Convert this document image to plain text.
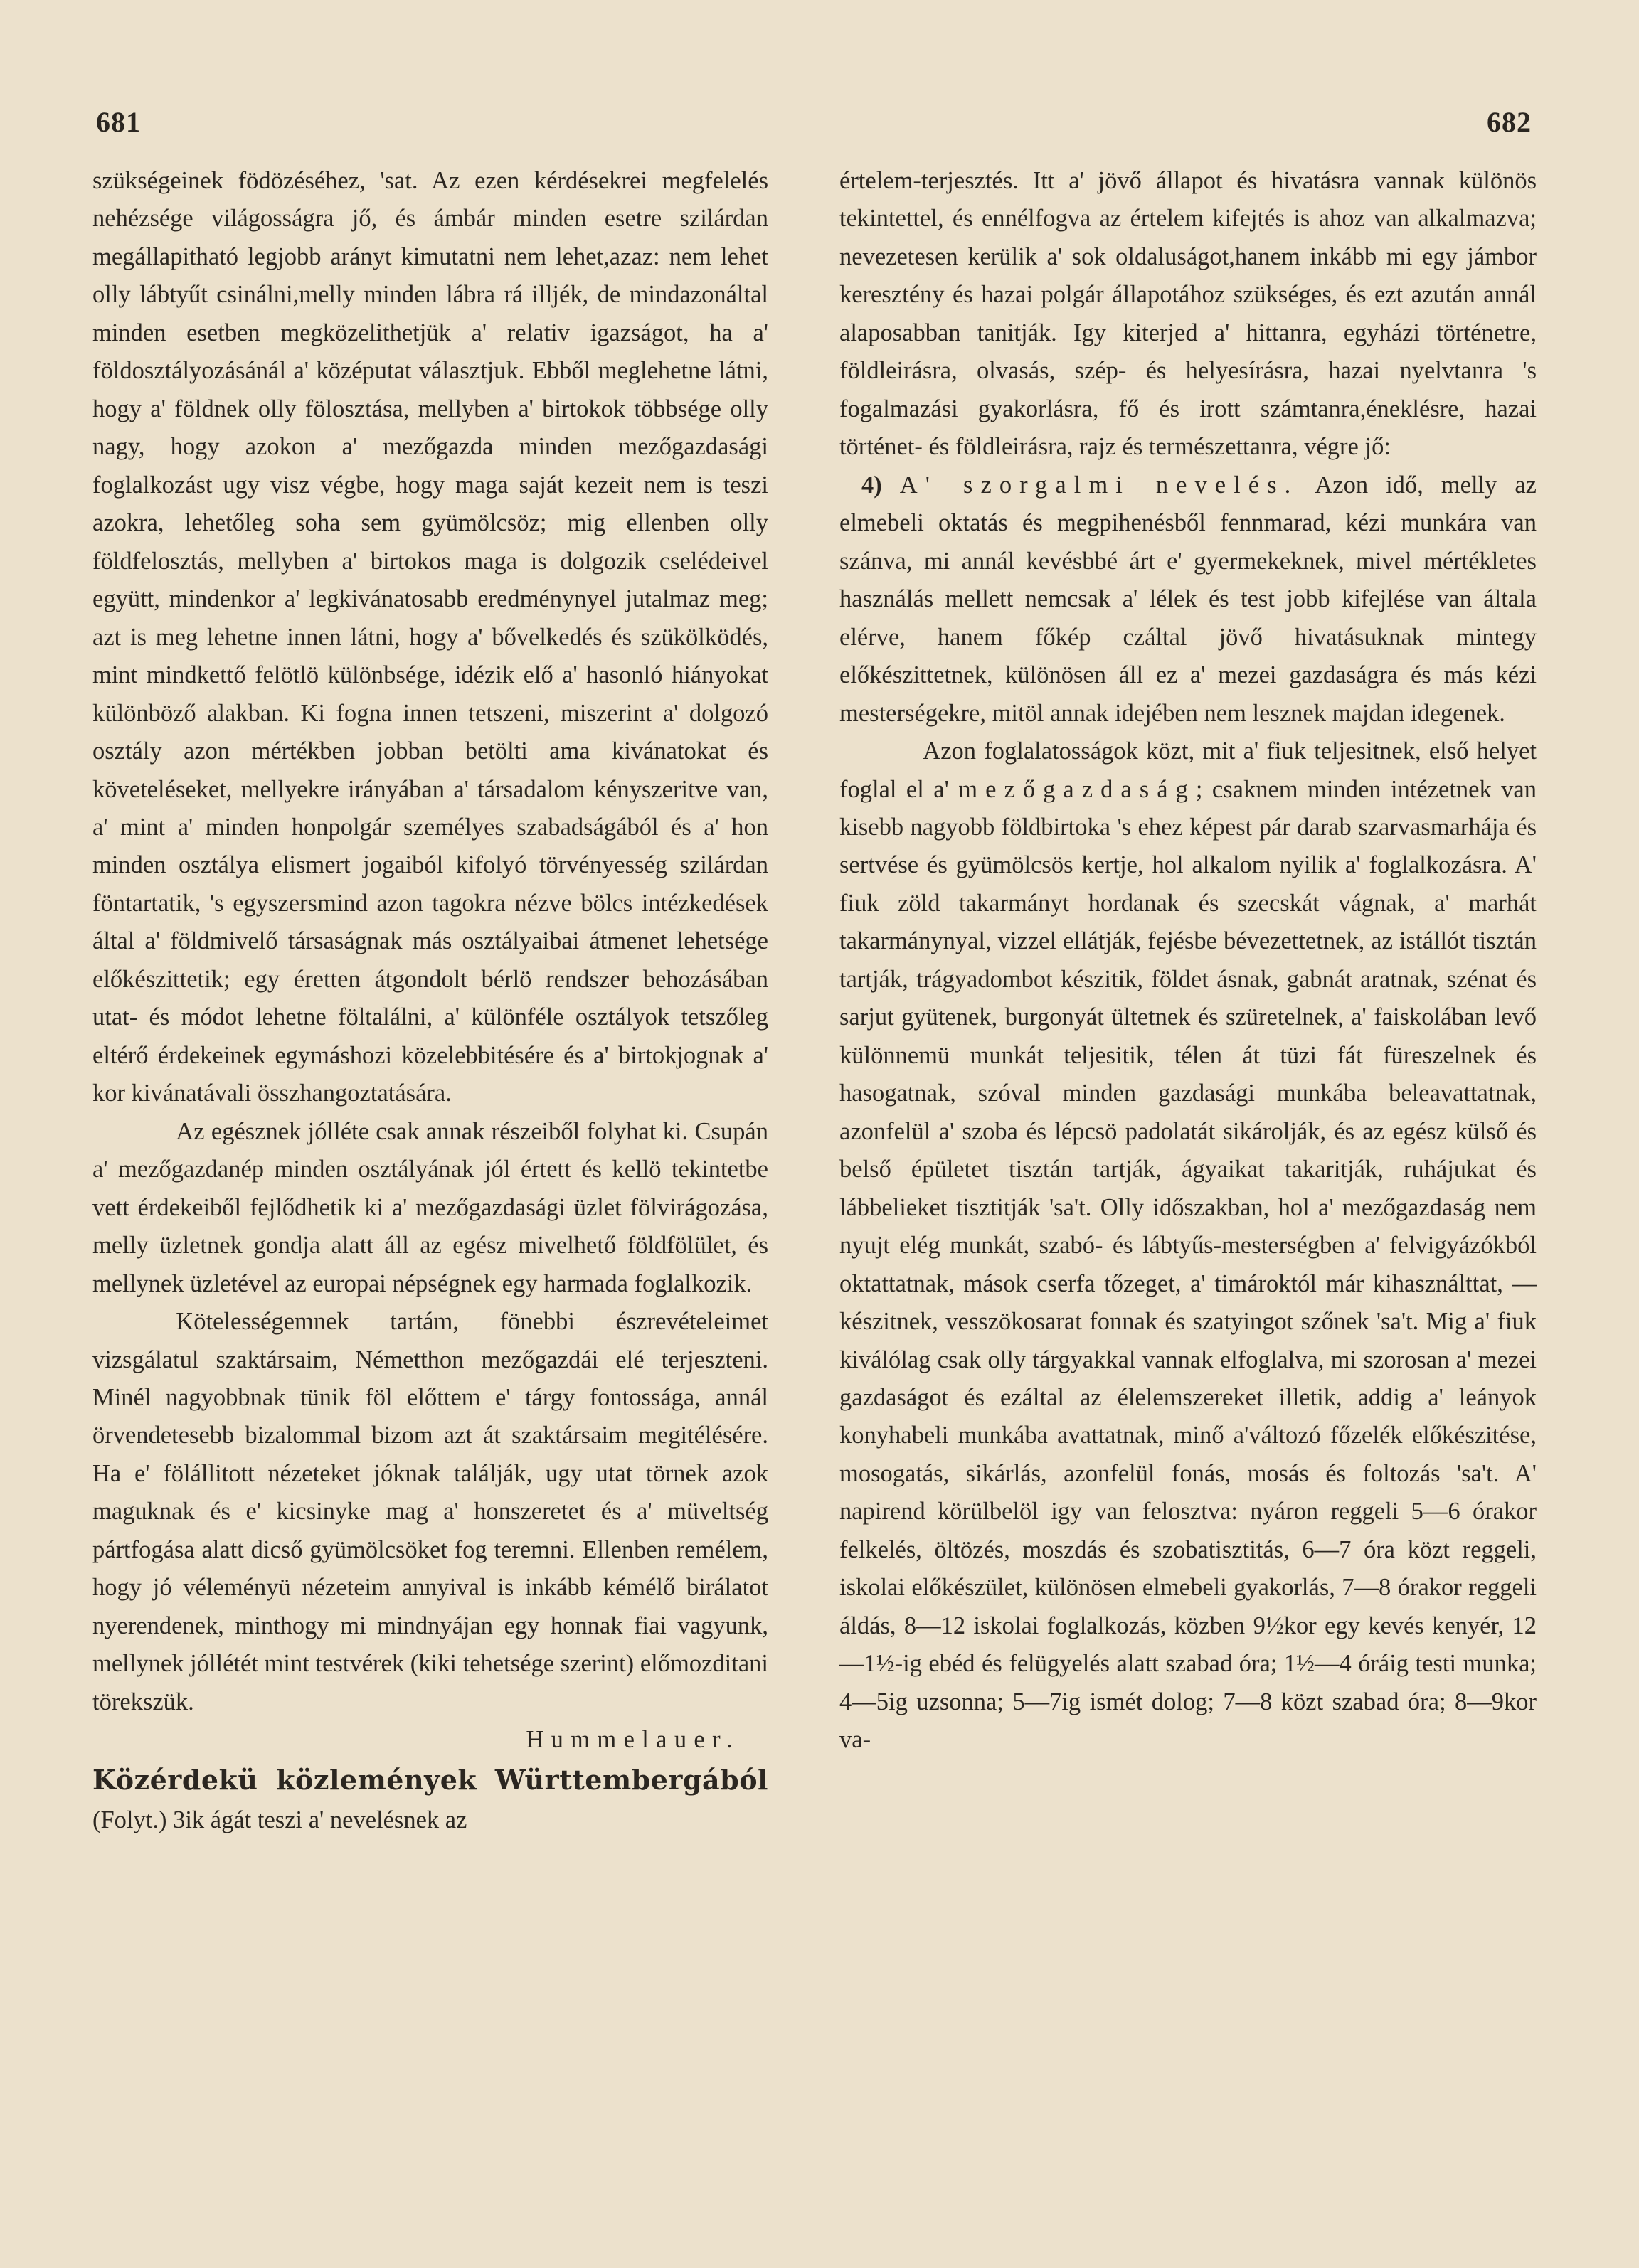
681	682

szükségeinek födözéséhez, 'sat. Az ezen kérdésekrei megfelelés nehézsége világosságra jő, és ámbár minden esetre szilárdan megállapitható legjobb arányt kimutatni nem lehet,azaz: nem lehet olly lábtyűt csinálni,melly minden lábra rá illjék, de mindazonáltal minden esetben megközelithetjük a' relativ igazságot, ha a' földosztályozásánál a' középutat választjuk. Ebből meglehetne látni, hogy a' földnek olly fölosztása, mellyben a' birtokok többsége olly nagy, hogy azokon a' mezőgazda minden mezőgazdasági foglalkozást ugy visz végbe, hogy maga saját kezeit nem is teszi azokra, lehetőleg soha sem gyümölcsöz; mig ellenben olly földfelosztás, mellyben a' birtokos maga is dolgozik cselédeivel együtt, mindenkor a' legkivánatosabb eredménynyel jutalmaz meg; azt is meg lehetne innen látni, hogy a' bővelkedés és szükölködés, mint mindkettő felötlö különbsége, idézik elő a' hasonló hiányokat különböző alakban. Ki fogna innen tetszeni, miszerint a' dolgozó osztály azon mértékben jobban betölti ama kivánatokat és követeléseket, mellyekre irányában a' társadalom kényszeritve van, a' mint a' minden honpolgár személyes szabadságából és a' hon minden osztálya elismert jogaiból kifolyó törvényesség szilárdan föntartatik, 's egyszersmind azon tagokra nézve bölcs intézkedések által a' földmivelő társaságnak más osztályaibai átmenet lehetsége előkészittetik; egy éretten átgondolt bérlö rendszer behozásában utat- és módot lehetne föltalálni, a' különféle osztályok tetszőleg eltérő érdekeinek egymáshozi közelebbitésére és a' birtokjognak a' kor kivánatávali összhangoztatására.

Az egésznek jólléte csak annak részeiből folyhat ki. Csupán a' mezőgazdanép minden osztályának jól értett és kellö tekintetbe vett érdekeiből fejlődhetik ki a' mezőgazdasági üzlet fölvirágozása, melly üzletnek gondja alatt áll az egész mivelhető földfölület, és mellynek üzletével az europai népségnek egy harmada foglalkozik.

Kötelességemnek tartám, fönebbi észrevételeimet vizsgálatul szaktársaim, Németthon mezőgazdái elé terjeszteni. Minél nagyobbnak tünik föl előttem e' tárgy fontossága, annál örvendetesebb bizalommal bizom azt át szaktársaim megitélésére. Ha e' fölállitott nézeteket jóknak találják, ugy utat törnek azok maguknak és e' kicsinyke mag a' honszeretet és a' müveltség pártfogása alatt dicső gyümölcsöket fog teremni. Ellenben remélem, hogy jó véleményü nézeteim annyival is inkább kémélő birálatot nyerendenek, minthogy mi mindnyájan egy honnak fiai vagyunk, mellynek jóllétét mint testvérek (kiki tehetsége szerint) előmozditani törekszük.

Hummelauer.

Közérdekü közlemények Württembergából (Folyt.) 3ik ágát teszi a' nevelésnek az

értelem-terjesztés. Itt a' jövő állapot és hivatásra vannak különös tekintettel, és ennélfogva az értelem kifejtés is ahoz van alkalmazva; nevezetesen kerülik a' sok oldaluságot,hanem inkább mi egy jámbor keresztény és hazai polgár állapotához szükséges, és ezt azután annál alaposabban tanitják. Igy kiterjed a' hittanra, egyházi történetre, földleirásra, olvasás, szép- és helyesírásra, hazai nyelvtanra 's fogalmazási gyakorlásra, fő és irott számtanra,éneklésre, hazai történet- és földleirásra, rajz és természettanra, végre jő:

4) A' szorgalmi nevelés. Azon idő, melly az elmebeli oktatás és megpihenésből fennmarad, kézi munkára van szánva, mi annál kevésbbé árt e' gyermekeknek, mivel mértékletes használás mellett nemcsak a' lélek és test jobb kifejlése van általa elérve, hanem főkép czáltal jövő hivatásuknak mintegy előkészittetnek, különösen áll ez a' mezei gazdaságra és más kézi mesterségekre, mitöl annak idejében nem lesznek majdan idegenek.

Azon foglalatosságok közt, mit a' fiuk teljesitnek, első helyet foglal el a' mezőgazdaság; csaknem minden intézetnek van kisebb nagyobb földbirtoka 's ehez képest pár darab szarvasmarhája és sertvése és gyümölcsös kertje, hol alkalom nyilik a' foglalkozásra. A' fiuk zöld takarmányt hordanak és szecskát vágnak, a' marhát takarmánynyal, vizzel ellátják, fejésbe bévezettetnek, az istállót tisztán tartják, trágyadombot készitik, földet ásnak, gabnát aratnak, szénat és sarjut gyütenek, burgonyát ültetnek és szüretelnek, a' faiskolában levő különnemü munkát teljesitik, télen át tüzi fát füreszelnek és hasogatnak, szóval minden gazdasági munkába beleavattatnak, azonfelül a' szoba és lépcsö padolatát sikárolják, és az egész külső és belső épületet tisztán tartják, ágyaikat takaritják, ruhájukat és lábbelieket tisztitják 'sa't. Olly időszakban, hol a' mezőgazdaság nem nyujt elég munkát, szabó- és lábtyűs-mesterségben a' felvigyázókból oktattatnak, mások cserfa tőzeget, a' timároktól már kihasználttat, — készitnek, vesszökosarat fonnak és szatyingot szőnek 'sa't. Mig a' fiuk kiválólag csak olly tárgyakkal vannak elfoglalva, mi szorosan a' mezei gazdaságot és ezáltal az élelemszereket illetik, addig a' leányok konyhabeli munkába avattatnak, minő a'változó főzelék előkészitése, mosogatás, sikárlás, azonfelül fonás, mosás és foltozás 'sa't. A' napirend körülbelöl igy van felosztva: nyáron reggeli 5—6 órakor felkelés, öltözés, moszdás és szobatisztitás, 6—7 óra közt reggeli, iskolai előkészület, különösen elmebeli gyakorlás, 7—8 órakor reggeli áldás, 8—12 iskolai foglalkozás, közben 9½kor egy kevés kenyér, 12—1½-ig ebéd és felügyelés alatt szabad óra; 1½—4 óráig testi munka; 4—5ig uzsonna; 5—7ig ismét dolog; 7—8 közt szabad óra; 8—9kor va-
